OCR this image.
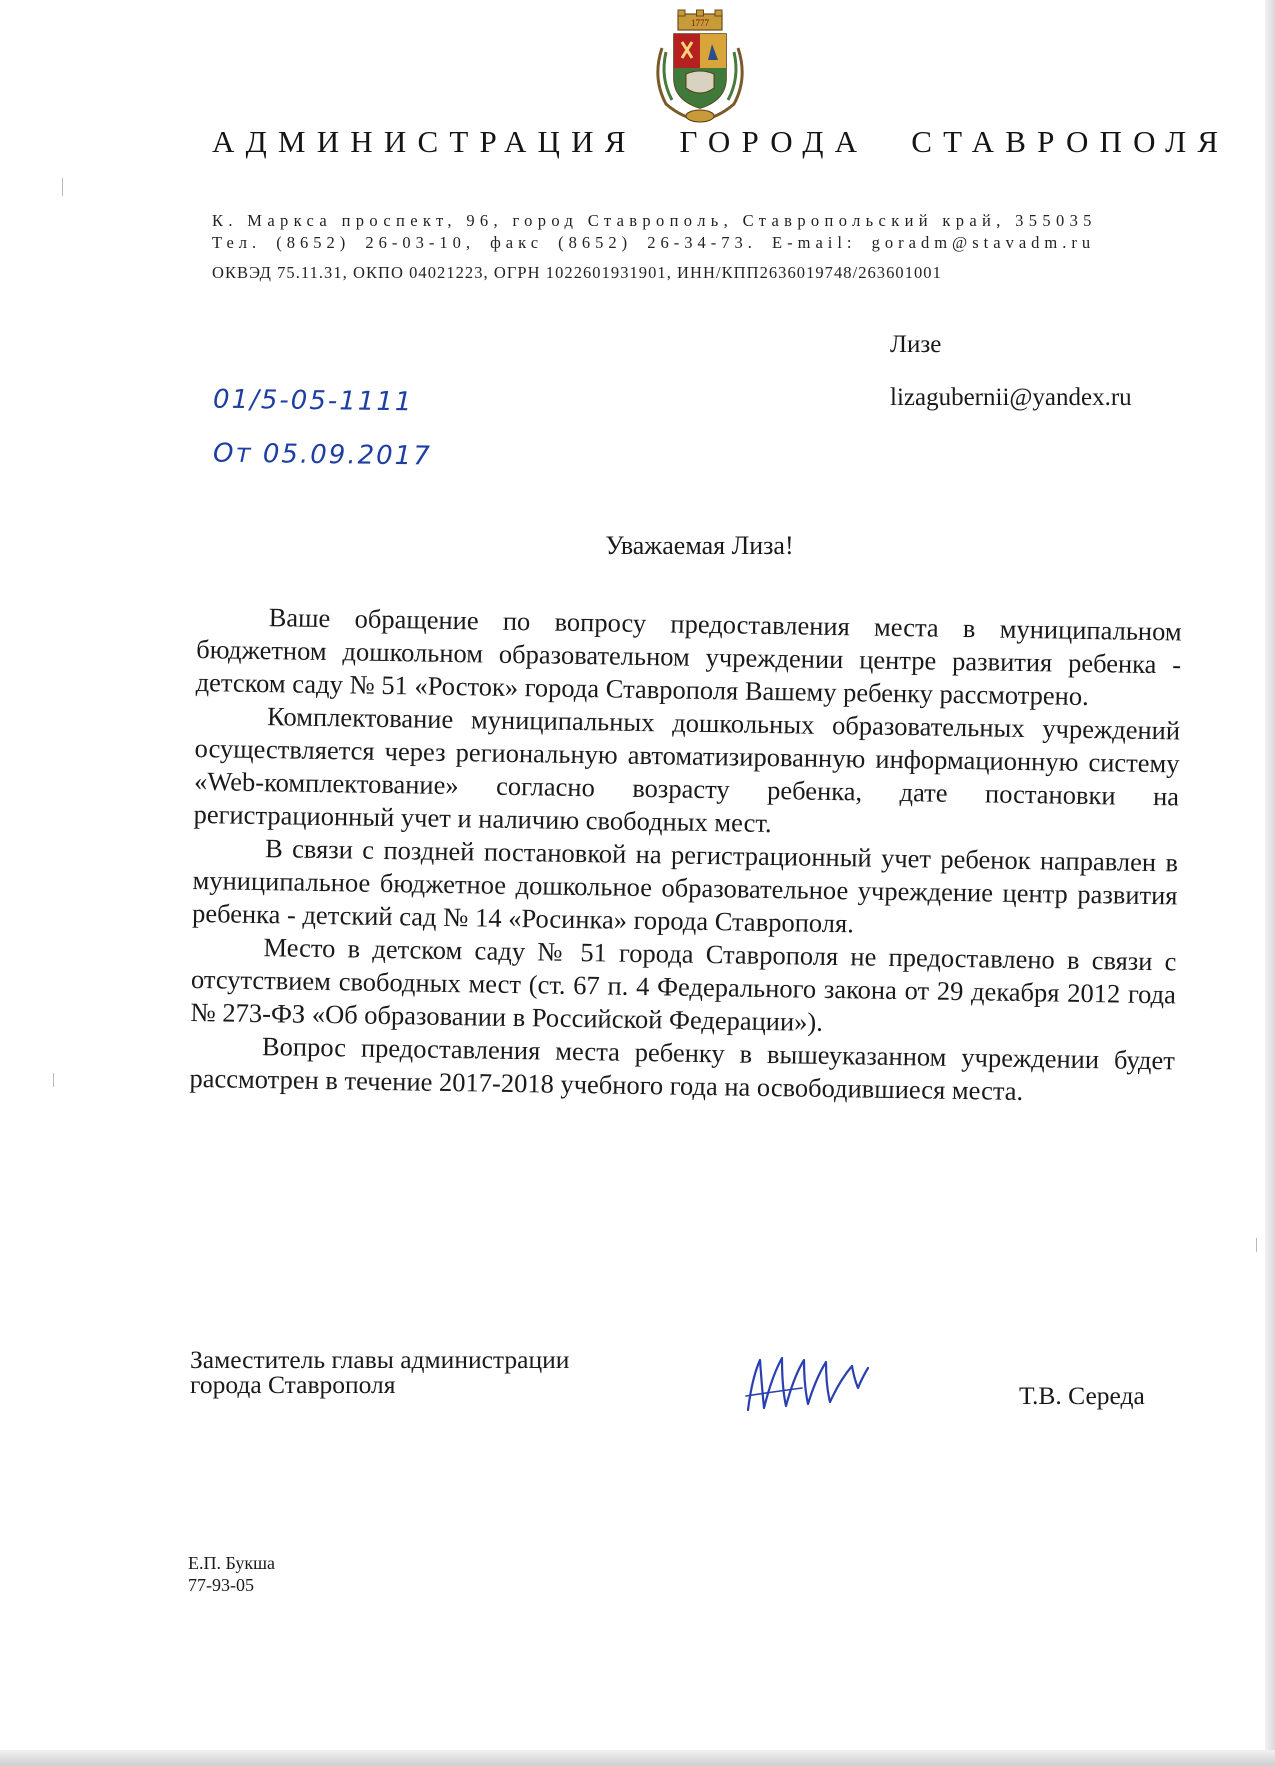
1777
АДМИНИСТРАЦИЯ ГОРОДА СТАВРОПОЛЯ
К. Маркса проспект, 96, город Ставрополь, Ставропольский край, 355035
Тел. (8652) 26-03-10, факс (8652) 26-34-73. E-mail: goradm@stavadm.ru
ОКВЭД 75.11.31, ОКПО 04021223, ОГРН 1022601931901, ИНН/КПП2636019748/263601001
Лизе
lizagubernii@yandex.ru
01/5-05-1111
От 05.09.2017
Уважаемая Лиза!

Ваше обращение по вопросу предоставления места в муниципальном бюджетном дошкольном образовательном учреждении центре развития ребенка - детском саду № 51 «Росток» города Ставрополя Вашему ребенку рассмотрено.

Комплектование муниципальных дошкольных образовательных учреждений осуществляется через региональную автоматизированную информационную систему «Web-комплектование» согласно возрасту ребенка, дате постановки на регистрационный учет и наличию свободных мест.

В связи с поздней постановкой на регистрационный учет ребенок направлен в муниципальное бюджетное дошкольное образовательное учреждение центр развития ребенка - детский сад № 14 «Росинка» города Ставрополя.

Место в детском саду № 51 города Ставрополя не предоставлено в связи с отсутствием свободных мест (ст. 67 п. 4 Федерального закона от 29 декабря 2012 года № 273-ФЗ «Об образовании в Российской Федерации»).

Вопрос предоставления места ребенку в вышеуказанном учреждении будет рассмотрен в течение 2017-2018 учебного года на освободившиеся места.

Заместитель главы администрации
города Ставрополя	Т.В. Середа
Е.П. Букша
77-93-05
